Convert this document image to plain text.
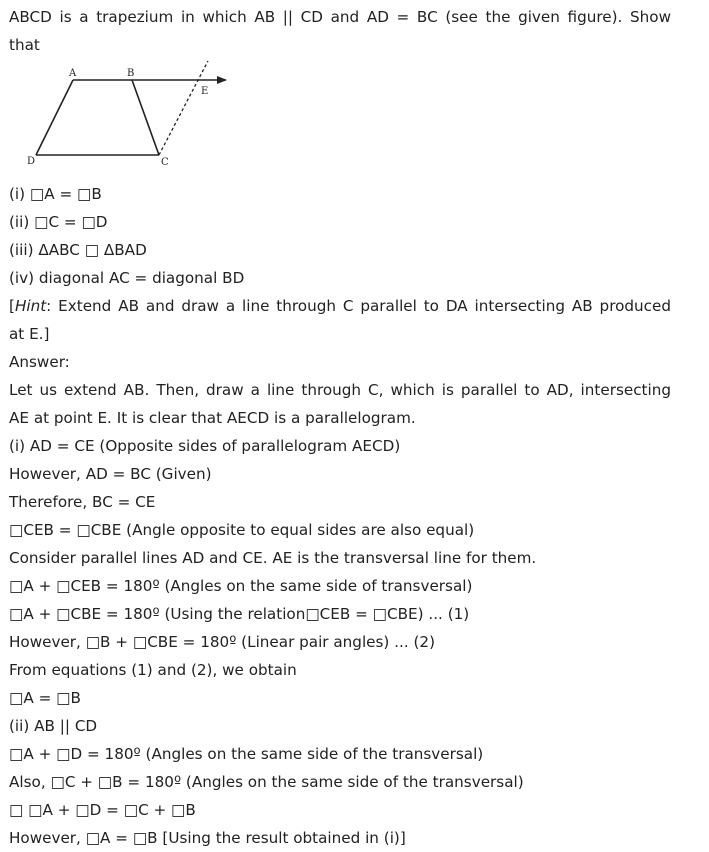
ABCD is a trapezium in which AB || CD and AD = BC (see the given figure). Show
that
A	B
C
D
E
(i) □A = □B
(ii) □C = □D
(iii) ΔABC □ ΔBAD
(iv) diagonal AC = diagonal BD
[Hint: Extend AB and draw a line through C parallel to DA intersecting AB produced
at E.]
Answer:
Let us extend AB. Then, draw a line through C, which is parallel to AD, intersecting
AE at point E. It is clear that AECD is a parallelogram.
(i) AD = CE (Opposite sides of parallelogram AECD)
However, AD = BC (Given)
Therefore, BC = CE
□CEB = □CBE (Angle opposite to equal sides are also equal)
Consider parallel lines AD and CE. AE is the transversal line for them.
□A + □CEB = 180º (Angles on the same side of transversal)
□A + □CBE = 180º (Using the relation□CEB = □CBE) ... (1)
However, □B + □CBE = 180º (Linear pair angles) ... (2)
From equations (1) and (2), we obtain
□A = □B
(ii) AB || CD
□A + □D = 180º (Angles on the same side of the transversal)
Also, □C + □B = 180º (Angles on the same side of the transversal)
□ □A + □D = □C + □B
However, □A = □B [Using the result obtained in (i)]
